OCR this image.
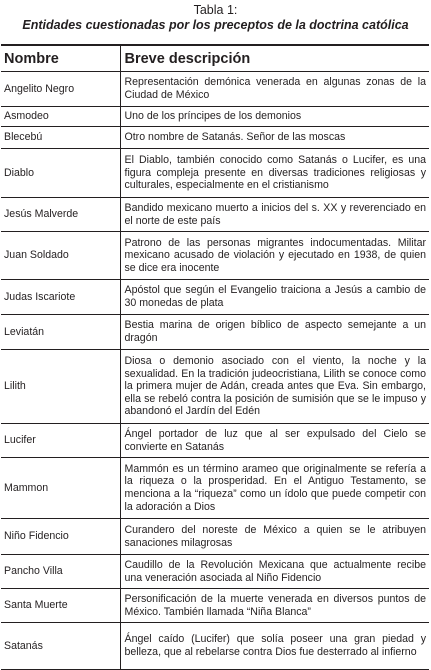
Tabla 1:
Entidades cuestionadas por los preceptos de la doctrina católica
Nombre	Breve descripción
Angelito Negro	Representación demónica venerada en algunas zonas de la Ciudad de México
Asmodeo	Uno de los príncipes de los demonios
Blecebú	Otro nombre de Satanás. Señor de las moscas
Diablo	El Diablo, también conocido como Satanás o Lucifer, es una figura compleja presente en diversas tradiciones religiosas y culturales, especialmente en el cristianismo
Jesús Malverde	Bandido mexicano muerto a inicios del s. XX y reverenciado en el norte de este país
Juan Soldado	Patrono de las personas migrantes indocumentadas. Militar mexicano acusado de violación y ejecutado en 1938, de quien se dice era inocente
Judas Iscariote	Apóstol que según el Evangelio traiciona a Jesús a cambio de 30 monedas de plata
Leviatán	Bestia marina de origen bíblico de aspecto semejante a un dragón
Lilith	Diosa o demonio asociado con el viento, la noche y la sexualidad. En la tradición judeocristiana, Lilith se conoce como la primera mujer de Adán, creada antes que Eva. Sin embargo, ella se rebeló contra la posición de sumisión que se le impuso y abandonó el Jardín del Edén
Lucifer	Ángel portador de luz que al ser expulsado del Cielo se convierte en Satanás
Mammon	Mammón es un término arameo que originalmente se refería a la riqueza o la prosperidad. En el Antiguo Testamento, se menciona a la “riqueza” como un ídolo que puede competir con la adoración a Dios
Niño Fidencio	Curandero del noreste de México a quien se le atribuyen sanaciones milagrosas
Pancho Villa	Caudillo de la Revolución Mexicana que actualmente recibe una veneración asociada al Niño Fidencio
Santa Muerte	Personificación de la muerte venerada en diversos puntos de México. También llamada “Niña Blanca”
Satanás	Ángel caído (Lucifer) que solía poseer una gran piedad y belleza, que al rebelarse contra Dios fue desterrado al infierno
